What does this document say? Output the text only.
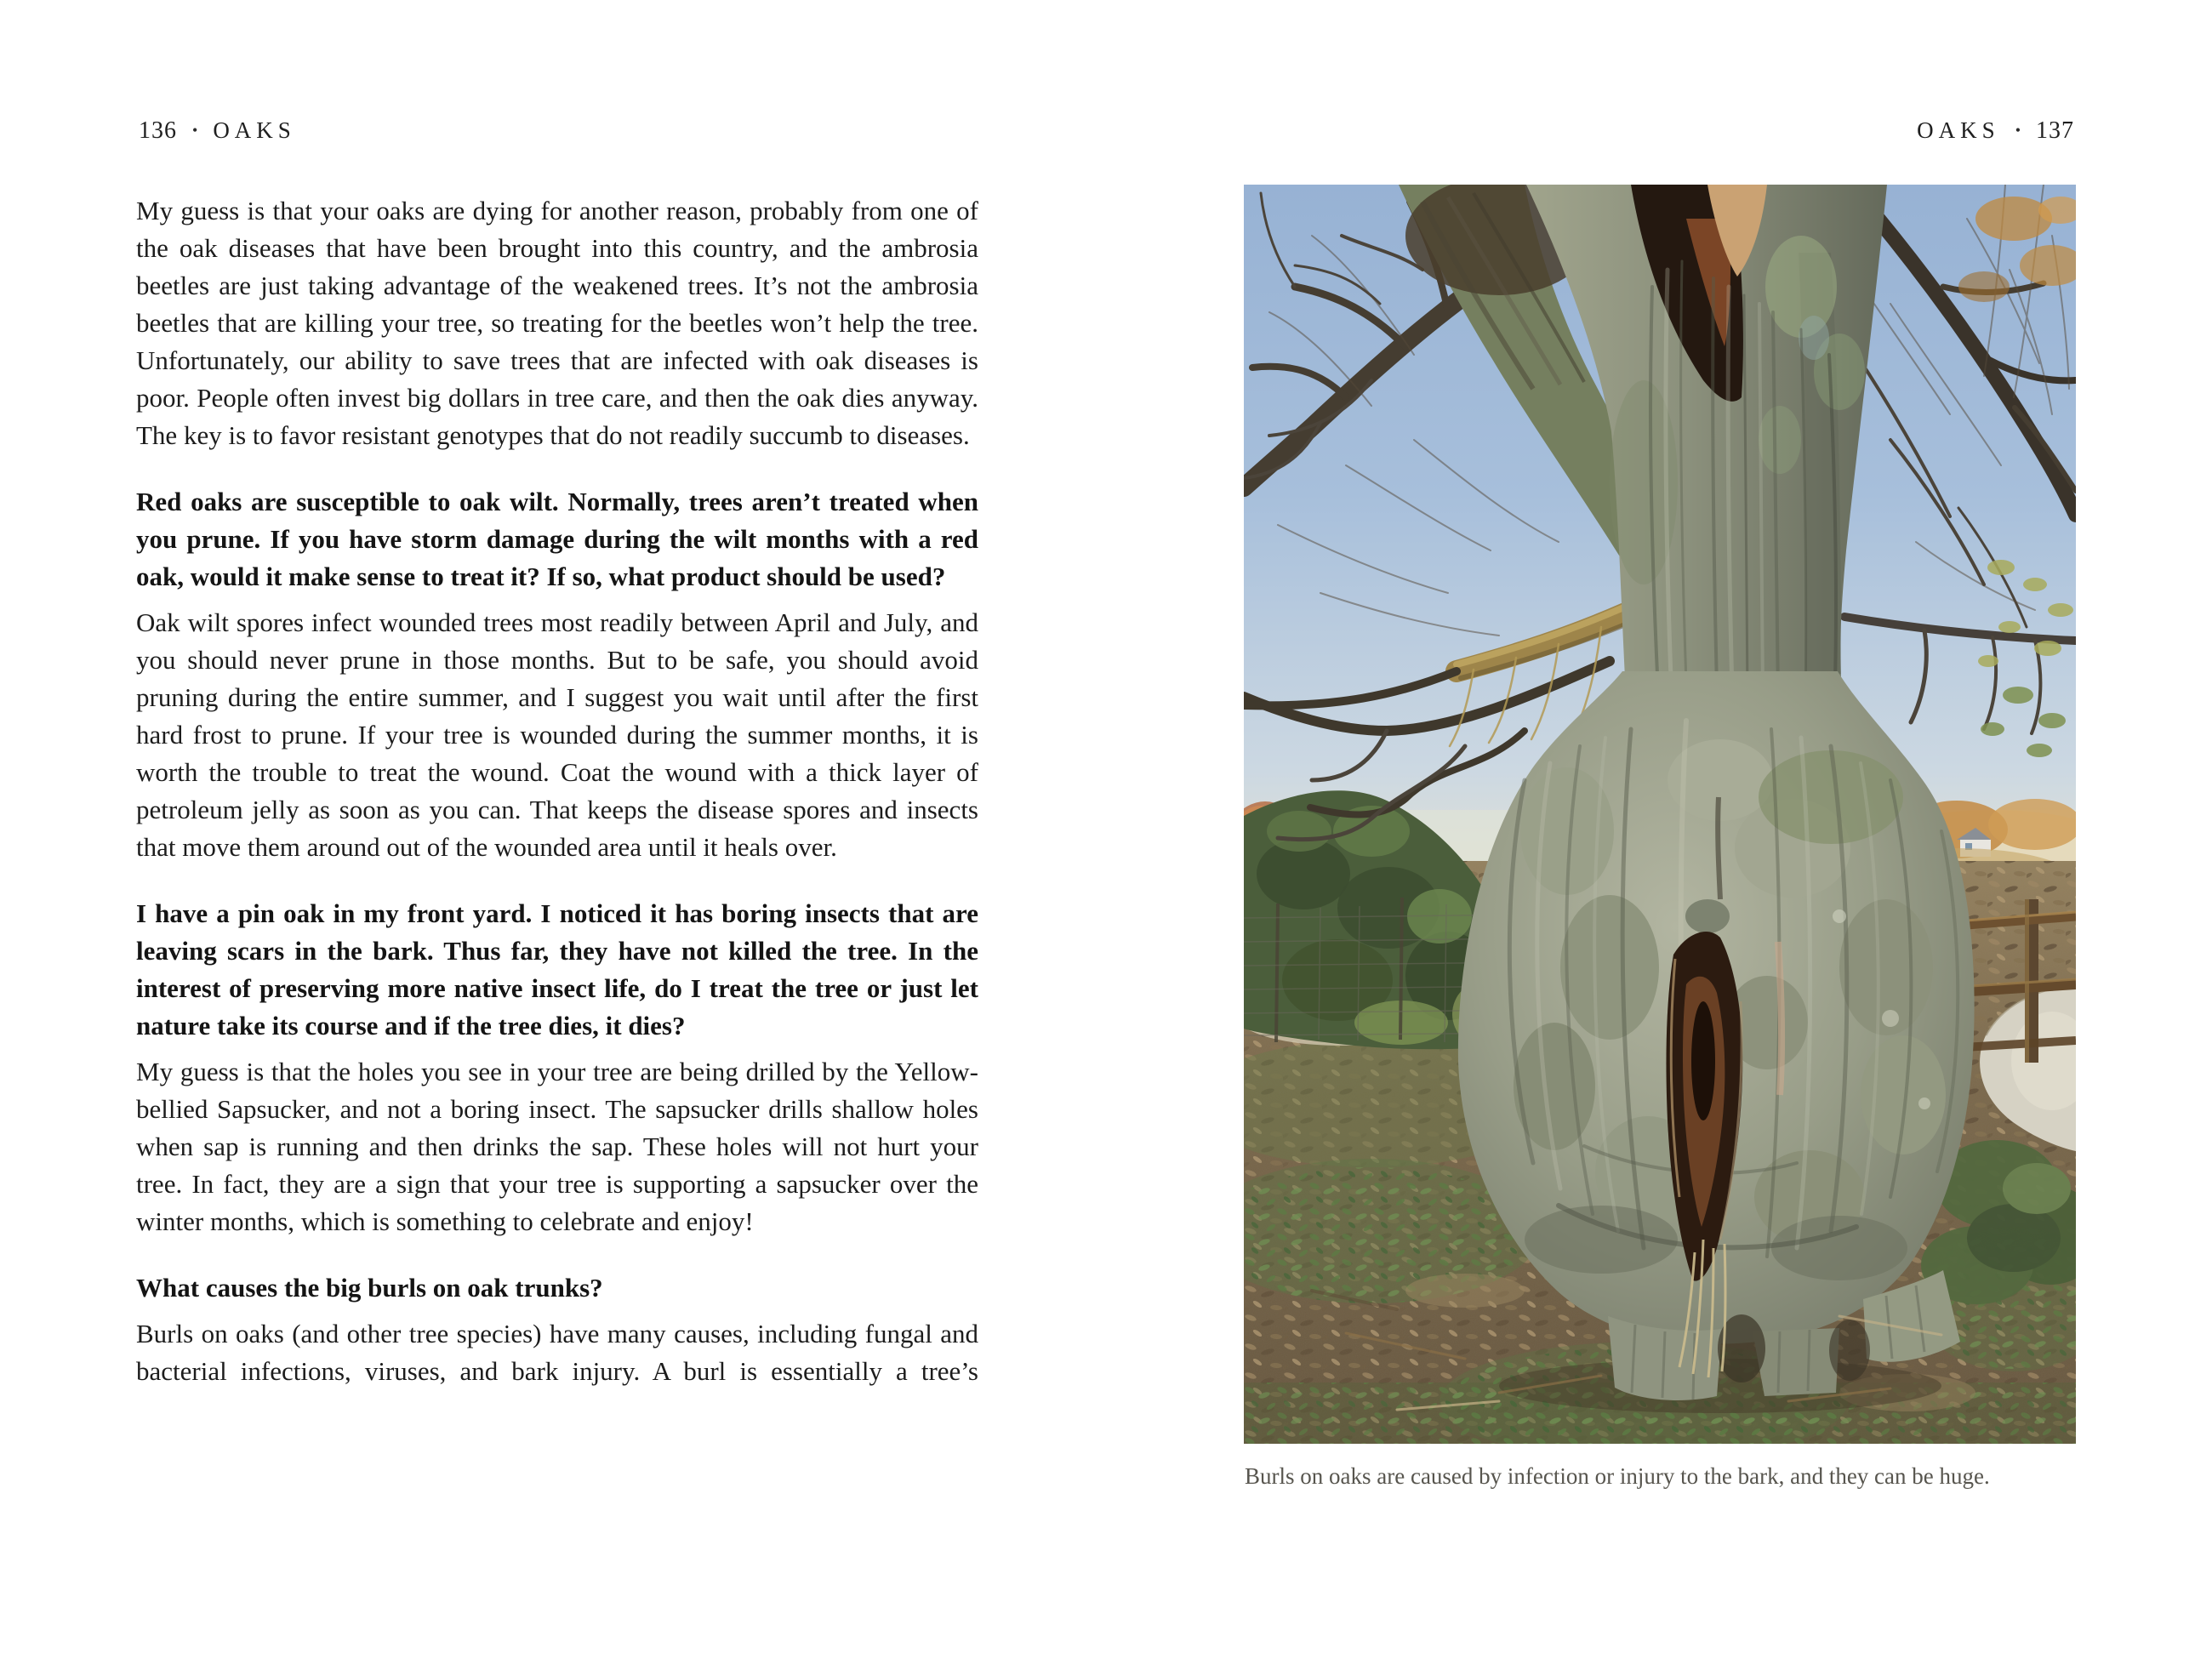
136 • OAKS	OAKS • 137

My guess is that your oaks are dying for another reason, probably from one of the oak diseases that have been brought into this country, and the ambrosia beetles are just taking advantage of the weakened trees. It’s not the ambrosia beetles that are killing your tree, so treating for the beetles won’t help the tree. Unfortunately, our ability to save trees that are infected with oak diseases is poor. People often invest big dollars in tree care, and then the oak dies anyway. The key is to favor resistant genotypes that do not readily succumb to diseases.

Red oaks are susceptible to oak wilt. Normally, trees aren’t treated when you prune. If you have storm damage during the wilt months with a red oak, would it make sense to treat it? If so, what product should be used?

Oak wilt spores infect wounded trees most readily between April and July, and you should never prune in those months. But to be safe, you should avoid pruning during the entire summer, and I suggest you wait until after the first hard frost to prune. If your tree is wounded during the summer months, it is worth the trouble to treat the wound. Coat the wound with a thick layer of petroleum jelly as soon as you can. That keeps the disease spores and insects that move them around out of the wounded area until it heals over.

I have a pin oak in my front yard. I noticed it has boring insects that are leaving scars in the bark. Thus far, they have not killed the tree. In the interest of preserving more native insect life, do I treat the tree or just let nature take its course and if the tree dies, it dies?

My guess is that the holes you see in your tree are being drilled by the Yellow-bellied Sapsucker, and not a boring insect. The sapsucker drills shallow holes when sap is running and then drinks the sap. These holes will not hurt your tree. In fact, they are a sign that your tree is supporting a sapsucker over the winter months, which is something to celebrate and enjoy!

What causes the big burls on oak trunks?

Burls on oaks (and other tree species) have many causes, including fungal and bacterial infections, viruses, and bark injury. A burl is essentially a tree’s

Burls on oaks are caused by infection or injury to the bark, and they can be huge.
